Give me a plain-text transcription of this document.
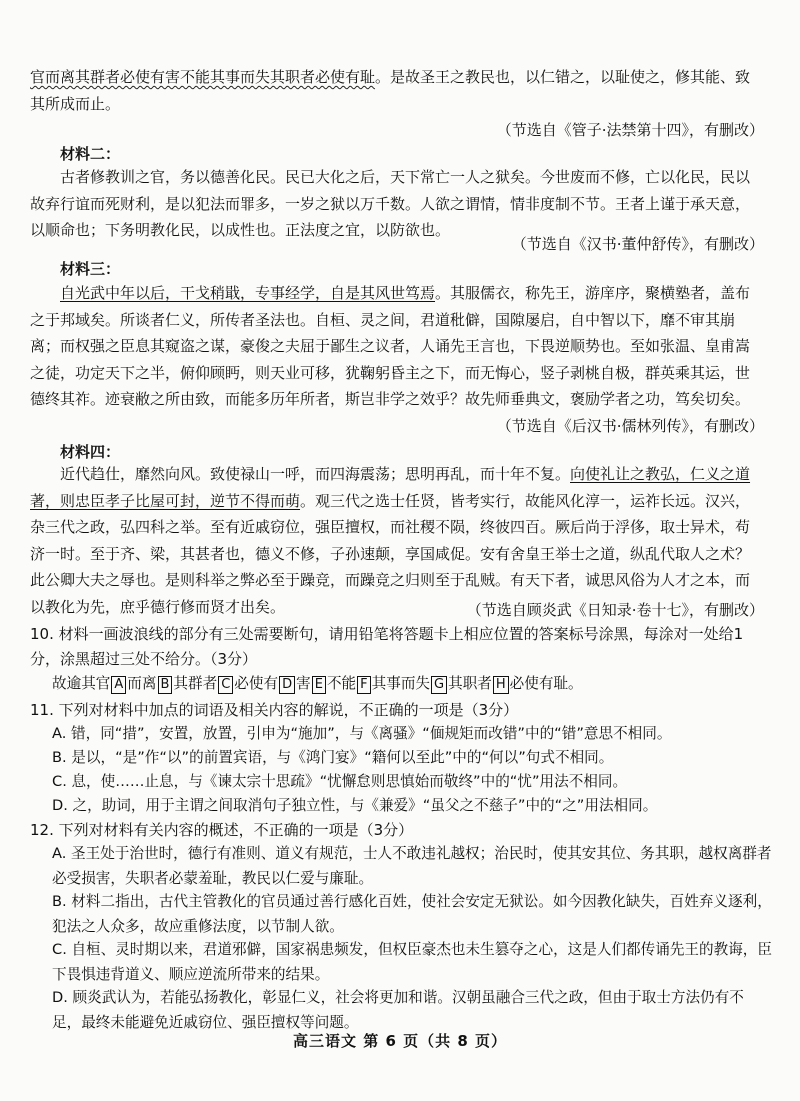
官而离其群者必使有害不能其事而失其职者必使有耻。是故圣王之教民也，以仁错之，以耻使之，修其能、致其所成而止。
（节选自《管子·法禁第十四》，有删改）
材料二：
古者修教训之官，务以德善化民。民已大化之后，天下常亡一人之狱矣。今世废而不修，亡以化民，民以故弃行谊而死财利，是以犯法而罪多，一岁之狱以万千数。人欲之谓情，情非度制不节。王者上谨于承天意，以顺命也；下务明教化民，以成性也。正法度之宜，以防欲也。
（节选自《汉书·董仲舒传》，有删改）
材料三：
自光武中年以后，干戈稍戢，专事经学，自是其风世笃焉。其服儒衣，称先王，游庠序，聚横塾者，盖布之于邦域矣。所谈者仁义，所传者圣法也。自桓、灵之间，君道秕僻，国隙屡启，自中智以下，靡不审其崩离；而权强之臣息其窥盗之谋，豪俊之夫屈于鄙生之议者，人诵先王言也，下畏逆顺势也。至如张温、皇甫嵩之徒，功定天下之半，俯仰顾眄，则天业可移，犹鞠躬昏主之下，而无悔心，竖子剥桃自极，群英乘其运，世德终其祚。迹衰敝之所由致，而能多历年所者，斯岂非学之效乎？故先师垂典文，褒励学者之功，笃矣切矣。
（节选自《后汉书·儒林列传》，有删改）
材料四：
近代趋仕，靡然向风。致使禄山一呼，而四海震荡；思明再乱，而十年不复。向使礼让之教弘，仁义之道著，则忠臣孝子比屋可封，逆节不得而萌。观三代之选士任贤，皆考实行，故能风化淳一，运祚长远。汉兴，杂三代之政，弘四科之举。至有近戚窃位，强臣擅权，而社稷不陨，终彼四百。厥后尚于浮侈，取士异术，苟济一时。至于齐、梁，其甚者也，德义不修，子孙速颠，享国咸促。安有舍皇王举士之道，纵乱代取人之术？此公卿大夫之辱也。是则科举之弊必至于躁竞，而躁竞之归则至于乱贼。有天下者，诚思风俗为人才之本，而以教化为先，庶乎德行修而贤才出矣。	（节选自顾炎武《日知录·卷十七》，有删改）
10. 材料一画波浪线的部分有三处需要断句，请用铅笔将答题卡上相应位置的答案标号涂黑，每涂对一处给1分，涂黑超过三处不给分。（3分）
故逾其官 A 而离 B 其群者 C 必使有 D 害 E 不能 F 其事而失 G 其职者 H 必使有耻。
11. 下列对材料中加点的词语及相关内容的解说，不正确的一项是（3分）
A. 错，同“措”，安置，放置，引申为“施加”，与《离骚》“偭规矩而改错”中的“错”意思不相同。
B. 是以，“是”作“以”的前置宾语，与《鸿门宴》“籍何以至此”中的“何以”句式不相同。
C. 息，使……止息，与《谏太宗十思疏》“忧懈怠则思慎始而敬终”中的“忧”用法不相同。
D. 之，助词，用于主谓之间取消句子独立性，与《兼爱》“虽父之不慈子”中的“之”用法相同。
12. 下列对材料有关内容的概述，不正确的一项是（3分）
A. 圣王处于治世时，德行有准则、道义有规范，士人不敢违礼越权；治民时，使其安其位、务其职，越权离群者必受损害，失职者必蒙羞耻，教民以仁爱与廉耻。
B. 材料二指出，古代主管教化的官员通过善行感化百姓，使社会安定无狱讼。如今因教化缺失，百姓弃义逐利，犯法之人众多，故应重修法度，以节制人欲。
C. 自桓、灵时期以来，君道邪僻，国家祸患频发，但权臣豪杰也未生篡夺之心，这是人们都传诵先王的教诲，臣下畏惧违背道义、顺应逆流所带来的结果。
D. 顾炎武认为，若能弘扬教化，彰显仁义，社会将更加和谐。汉朝虽融合三代之政，但由于取士方法仍有不足，最终未能避免近戚窃位、强臣擅权等问题。
高三语文 第 6 页（共 8 页）
